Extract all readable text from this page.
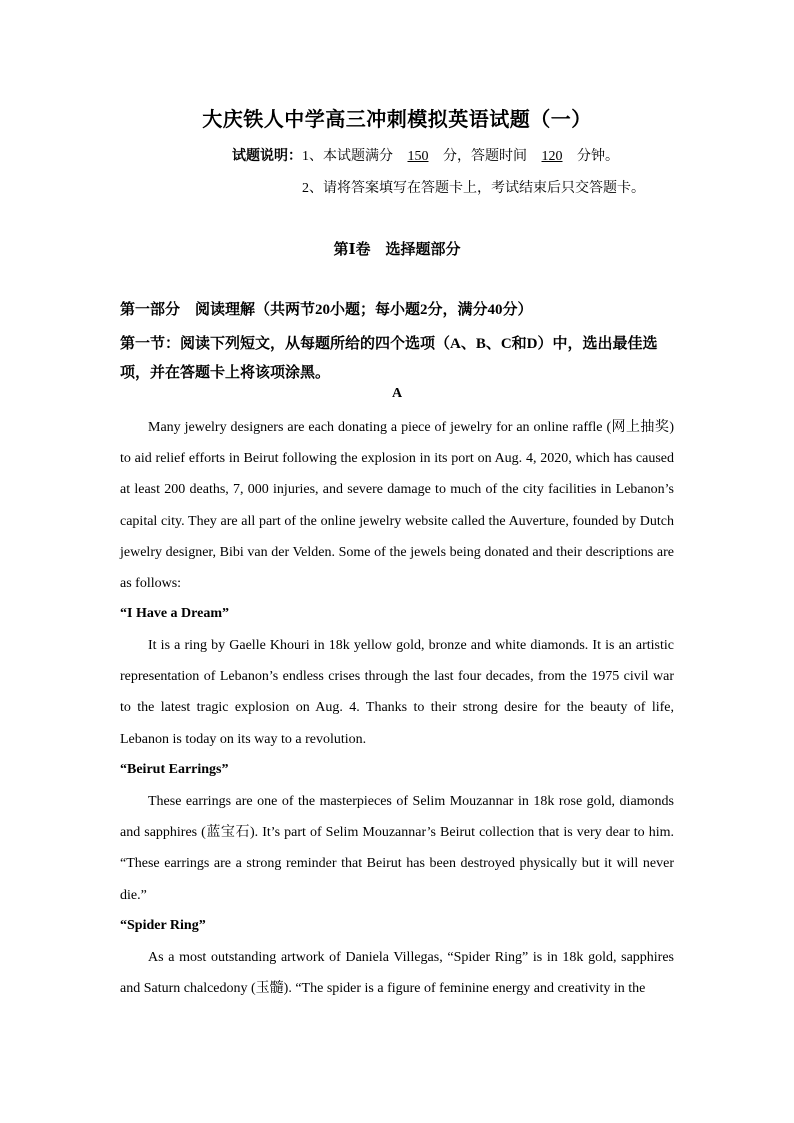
大庆铁人中学高三冲刺模拟英语试题（一）
试题说明：1、本试题满分 150 分，答题时间 120 分钟。
2、请将答案填写在答题卡上，考试结束后只交答题卡。
第Ⅰ卷　选择题部分
第一部分　阅读理解（共两节20小题；每小题2分，满分40分）
第一节：阅读下列短文，从每题所给的四个选项（A、B、C和D）中，选出最佳选项，并在答题卡上将该项涂黑。
A

Many jewelry designers are each donating a piece of jewelry for an online raffle (网上抽奖) to aid relief efforts in Beirut following the explosion in its port on Aug. 4, 2020, which has caused at least 200 deaths, 7, 000 injuries, and severe damage to much of the city facilities in Lebanon’s capital city. They are all part of the online jewelry website called the Auverture, founded by Dutch jewelry designer, Bibi van der Velden. Some of the jewels being donated and their descriptions are as follows:

“I Have a Dream”

It is a ring by Gaelle Khouri in 18k yellow gold, bronze and white diamonds. It is an artistic representation of Lebanon’s endless crises through the last four decades, from the 1975 civil war to the latest tragic explosion on Aug. 4. Thanks to their strong desire for the beauty of life, Lebanon is today on its way to a revolution.

“Beirut Earrings”

These earrings are one of the masterpieces of Selim Mouzannar in 18k rose gold, diamonds and sapphires (蓝宝石). It’s part of Selim Mouzannar’s Beirut collection that is very dear to him. “These earrings are a strong reminder that Beirut has been destroyed physically but it will never die.”

“Spider Ring”

As a most outstanding artwork of Daniela Villegas, “Spider Ring” is in 18k gold, sapphires and Saturn chalcedony (玉髓). “The spider is a figure of feminine energy and creativity in the
